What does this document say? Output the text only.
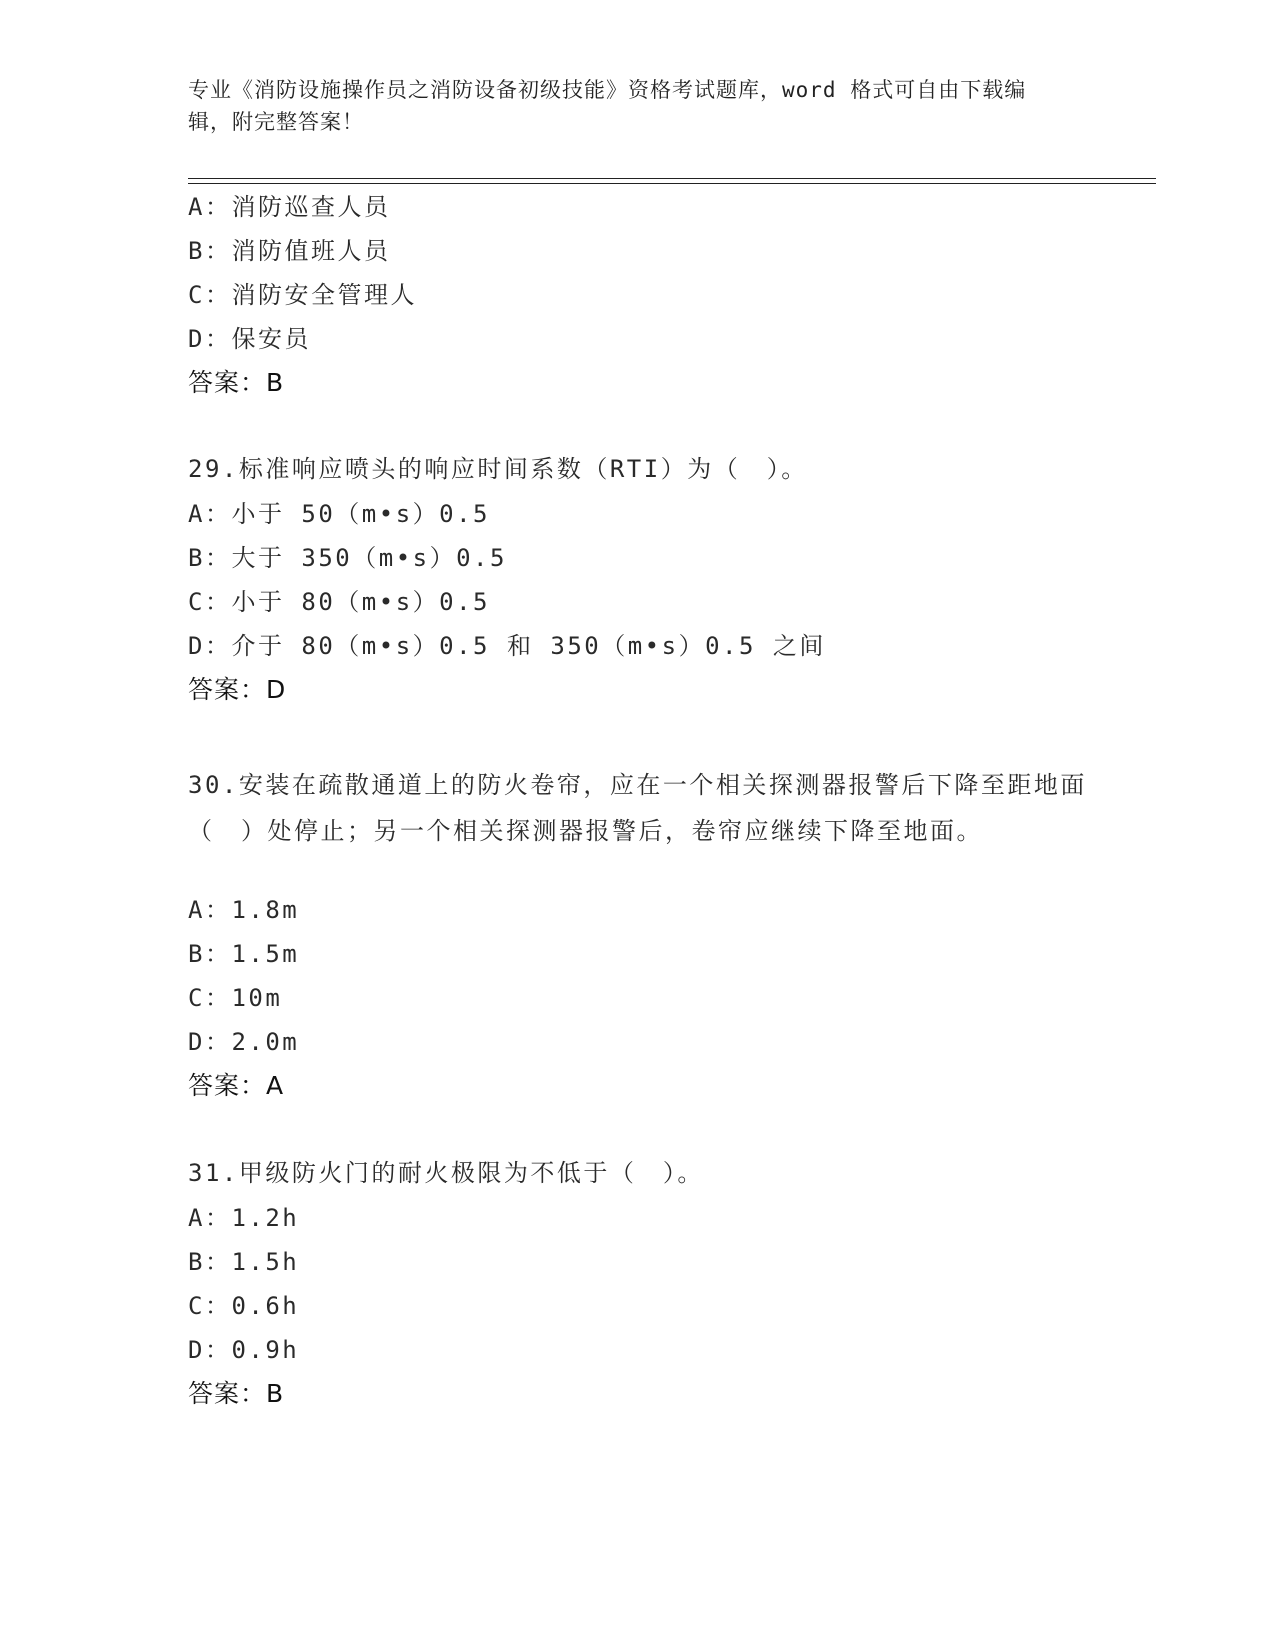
专业《消防设施操作员之消防设备初级技能》资格考试题库，word 格式可自由下载编辑，附完整答案！
A：消防巡查人员
B：消防值班人员
C：消防安全管理人
D：保安员
答案：B
29.标准响应喷头的响应时间系数（RTI）为（　）。
A：小于 50（m•s）0.5
B：大于 350（m•s）0.5
C：小于 80（m•s）0.5
D：介于 80（m•s）0.5 和 350（m•s）0.5 之间
答案：D
30.安装在疏散通道上的防火卷帘，应在一个相关探测器报警后下降至距地面（　）处停止；另一个相关探测器报警后，卷帘应继续下降至地面。
A：1.8m
B：1.5m
C：10m
D：2.0m
答案：A
31.甲级防火门的耐火极限为不低于（　）。
A：1.2h
B：1.5h
C：0.6h
D：0.9h
答案：B
